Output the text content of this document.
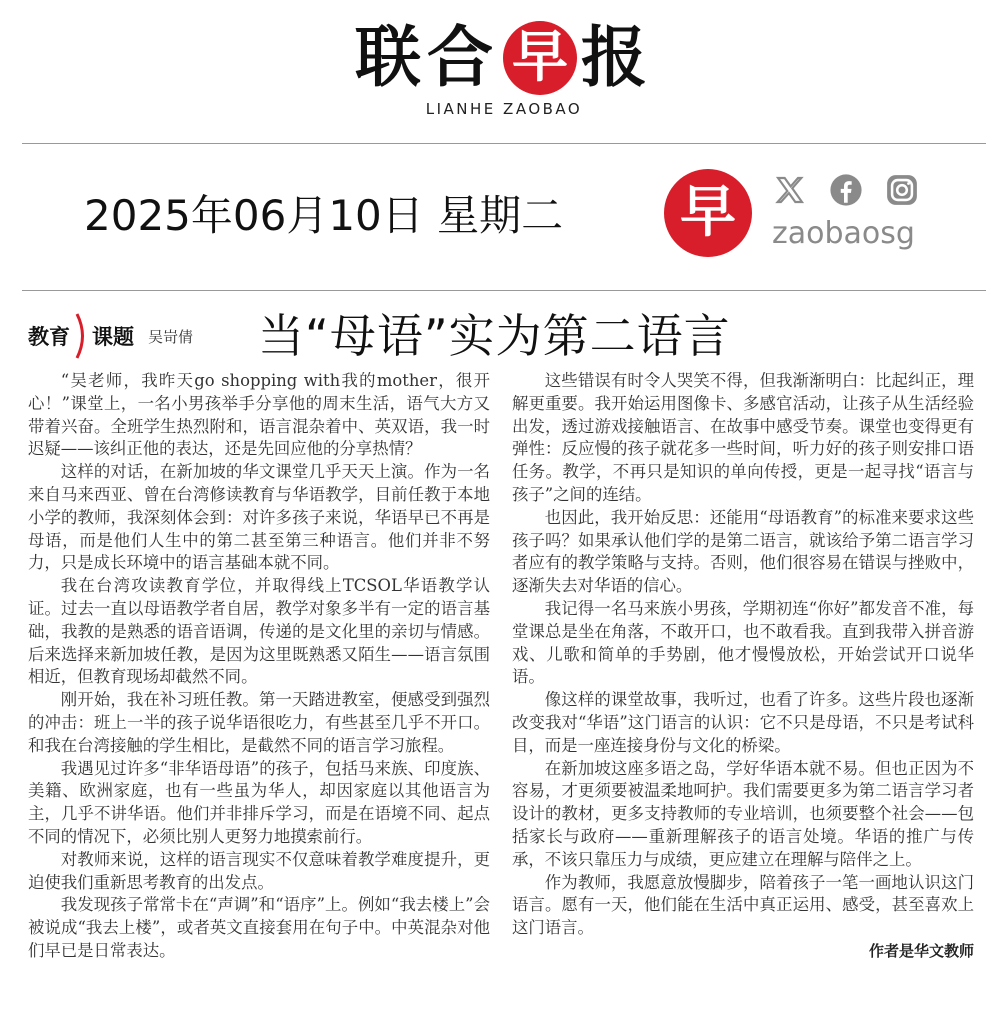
联合 早 报
LIANHE ZAOBAO
2025年06月10日 星期二 早	zaobaosg
教育 课题 吴岢倩 当“母语”实为第二语言

“吴老师，我昨天go shopping with我的mother，很开心！”课堂上，一名小男孩举手分享他的周末生活，语气大方又带着兴奋。全班学生热烈附和，语言混杂着中、英双语，我一时迟疑——该纠正他的表达，还是先回应他的分享热情？

这样的对话，在新加坡的华文课堂几乎天天上演。作为一名来自马来西亚、曾在台湾修读教育与华语教学，目前任教于本地小学的教师，我深刻体会到：对许多孩子来说，华语早已不再是母语，而是他们人生中的第二甚至第三种语言。他们并非不努力，只是成长环境中的语言基础本就不同。

我在台湾攻读教育学位，并取得线上TCSOL华语教学认证。过去一直以母语教学者自居，教学对象多半有一定的语言基础，我教的是熟悉的语音语调，传递的是文化里的亲切与情感。后来选择来新加坡任教，是因为这里既熟悉又陌生——语言氛围相近，但教育现场却截然不同。

刚开始，我在补习班任教。第一天踏进教室，便感受到强烈的冲击：班上一半的孩子说华语很吃力，有些甚至几乎不开口。和我在台湾接触的学生相比，是截然不同的语言学习旅程。

我遇见过许多“非华语母语”的孩子，包括马来族、印度族、美籍、欧洲家庭，也有一些虽为华人，却因家庭以其他语言为主，几乎不讲华语。他们并非排斥学习，而是在语境不同、起点不同的情况下，必须比别人更努力地摸索前行。

对教师来说，这样的语言现实不仅意味着教学难度提升，更迫使我们重新思考教育的出发点。

我发现孩子常常卡在“声调”和“语序”上。例如“我去楼上”会被说成“我去上楼”，或者英文直接套用在句子中。中英混杂对他们早已是日常表达。

这些错误有时令人哭笑不得，但我渐渐明白：比起纠正，理解更重要。我开始运用图像卡、多感官活动，让孩子从生活经验出发，透过游戏接触语言、在故事中感受节奏。课堂也变得更有弹性：反应慢的孩子就花多一些时间，听力好的孩子则安排口语任务。教学，不再只是知识的单向传授，更是一起寻找“语言与孩子”之间的连结。

也因此，我开始反思：还能用“母语教育”的标准来要求这些孩子吗？如果承认他们学的是第二语言，就该给予第二语言学习者应有的教学策略与支持。否则，他们很容易在错误与挫败中，逐渐失去对华语的信心。

我记得一名马来族小男孩，学期初连“你好”都发音不准，每堂课总是坐在角落，不敢开口，也不敢看我。直到我带入拼音游戏、儿歌和简单的手势剧，他才慢慢放松，开始尝试开口说华语。

像这样的课堂故事，我听过，也看了许多。这些片段也逐渐改变我对“华语”这门语言的认识：它不只是母语，不只是考试科目，而是一座连接身份与文化的桥梁。

在新加坡这座多语之岛，学好华语本就不易。但也正因为不容易，才更须要被温柔地呵护。我们需要更多为第二语言学习者设计的教材，更多支持教师的专业培训，也须要整个社会——包括家长与政府——重新理解孩子的语言处境。华语的推广与传承，不该只靠压力与成绩，更应建立在理解与陪伴之上。

作为教师，我愿意放慢脚步，陪着孩子一笔一画地认识这门语言。愿有一天，他们能在生活中真正运用、感受，甚至喜欢上这门语言。

作者是华文教师
